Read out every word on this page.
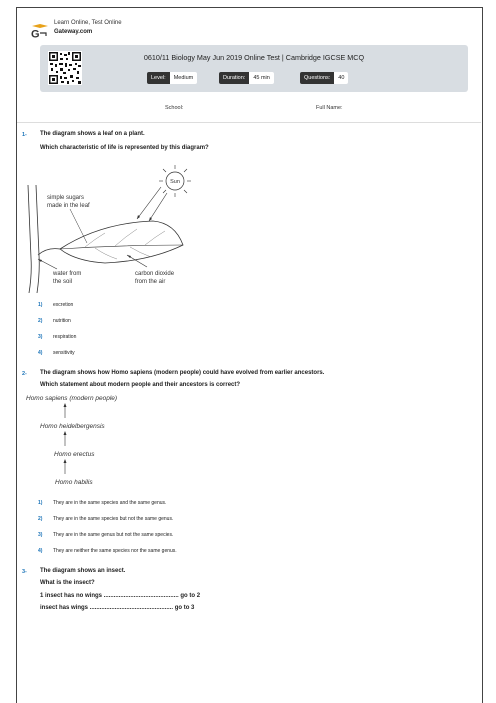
G
Learn Online, Test Online
Gateway.com
0610/11 Biology May Jun 2019 Online Test | Cambridge IGCSE MCQ
Level:	Medium	Duration:	45 min	Questions:	40
School:	Full Name:
1- The diagram shows a leaf on a plant.
Which characteristic of life is represented by this diagram?
Sun
simple sugars
made in the leaf
water from
the soil
carbon dioxide
from the air
1) excretion
2) nutrition
3) respiration
4) sensitivity
2- The diagram shows how Homo sapiens (modern people) could have evolved from earlier ancestors.
Which statement about modern people and their ancestors is correct?
Homo sapiens (modern people)
Homo heidelbergensis
Homo erectus
Homo habilis
1) They are in the same species and the same genus.
2) They are in the same species but not the same genus.
3) They are in the same genus but not the same species.
4) They are neither the same species nor the same genus.
3- The diagram shows an insect.
What is the insect?
1 insect has no wings ............................................. go to 2
insect has wings .................................................. go to 3
